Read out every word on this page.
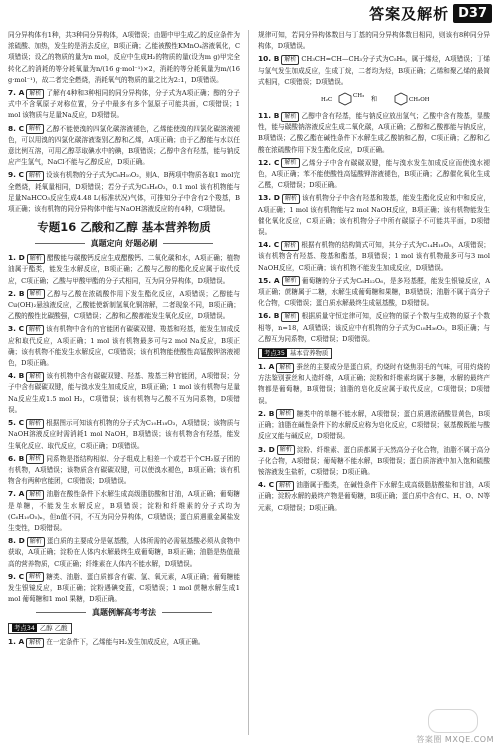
答案及解析 D37

同分异构体有1种，共3种同分异构体，A项错误；由题中甲生成乙的反应条件为浓硫酸、加热，发生的是消去反应，B项正确；乙能被酸性KMnO₄溶液氧化，C项错误；设乙的物质的量为n mol，反应中生成H₂的物质的量(设为m g)甲完全转化乙的消耗的等分耗氧量为n/(16 g·mol⁻¹)×2，消耗的等分耗氧量为m/(16 g·mol⁻¹)，故二者完全燃烧，消耗氧气的物质的量之比为2:1，D项错误。

7. A 解析 了解有4种和3种相同的同分异构体，分子式为A项正确；醇的分子式中不含氧原子对称位置，分子中最多有多个氢原子可能共面，C项错误；1 mol 该物质与足量Na反应，D项错误。

8. C 解析 乙醇不能使溴的四氯化碳溶液褪色，乙烯能使溴的四氯化碳溶液褪色，可以用溴的四氯化碳溶液鉴别乙醇和乙烯，A项正确；由于乙醇能与水以任意比例互溶，可用乙醇萃取碘水中的碘，B项错误；乙醇中含有羟基，能与钠反应产生氢气，NaCl不能与乙醇反应，D项正确。

9. C 解析 设该有机物的分子式为C₈H₁₀O₂，则A、B两项中物质各取1 mol完全燃烧，耗氧量相同，D项错误；若分子式为C₃H₆O₂，0.1 mol 该有机物能与足量NaHCO₃反应生成4.48 L(标准状况)气体，可推知分子中含有2个羧基，B项正确；该有机物的同分异构体中能与NaOH溶液反应的有4种，C项错误。

专题16 乙酸和乙醇 基本营养物质
真题定向 好题必刷

1. D 解析 醋酸能与碳酸钙反应生成醋酸钙、二氧化碳和水，A项正确；植物油属于酯类，能发生水解反应，B项正确；乙酸与乙醇的酯化反应属于取代反应，C项正确；乙酸与甲酸甲酯的分子式相同，互为同分异构体，D项错误。

2. B 解析 乙醇与乙酸在浓硫酸作用下发生酯化反应，A项错误；乙醇能与Cu(OH)₂悬浊液反应，乙酸能使新制氢氧化铜溶解，二者现象不同，B项正确；乙酸的酸性比碳酸强，C项错误；乙醇和乙酸都能发生氧化反应，D项错误。

3. C 解析 该有机物中含有的官能团有碳碳双键、羧基和羟基，能发生加成反应和取代反应，A项正确；1 mol 该有机物最多可与2 mol Na反应，B项正确；该有机物不能发生水解反应，C项错误；该有机物能使酸性高锰酸钾溶液褪色，D项正确。

4. B 解析 该有机物中含有碳碳双键、羟基、羧基三种官能团，A项错误；分子中含有碳碳双键，能与溴水发生加成反应，B项正确；1 mol 该有机物与足量Na反应生成1.5 mol H₂，C项错误；该有机物与乙酸不互为同系物，D项错误。

5. C 解析 根据图示可知该有机物的分子式为C₁₀H₁₈O₃，A项错误；该物质与NaOH溶液反应时需消耗1 mol NaOH，B项错误；该有机物含有羟基，能发生氧化反应、取代反应，C项正确；D项错误。

6. B 解析 同系物是指结构相似、分子组成上相差一个或若干个CH₂原子团的有机物，A项错误；该物质含有碳碳双键，可以使溴水褪色，B项正确；该有机物含有两种官能团，C项错误；D项错误。

7. A 解析 油脂在酸性条件下水解生成高级脂肪酸和甘油，A项正确；葡萄糖是单糖，不能发生水解反应，B项错误；淀粉和纤维素的分子式均为(C₆H₁₀O₅)ₙ，但n值不同，不互为同分异构体，C项错误；蛋白质遇重金属盐发生变性，D项错误。

8. D 解析 蛋白质的主要成分是氨基酸，人体所需的必需氨基酸必须从食物中获取，A项正确；淀粉在人体内水解最终生成葡萄糖，B项正确；油脂是热值最高的营养物质，C项正确；纤维素在人体内不能水解，D项错误。

9. C 解析 糖类、油脂、蛋白质都含有碳、氢、氧元素，A项正确；葡萄糖能发生银镜反应，B项正确；淀粉遇碘变蓝，C项错误；1 mol 蔗糖水解生成1 mol 葡萄糖和1 mol 果糖，D项正确。

真题例解高考考法
考点34 乙醇 乙酸

1. A 解析 在一定条件下，乙烯能与H₂发生加成反应，A项正确。

规律可知，若同分异构体数目与丁基的同分异构体数目相同，则该有8种同分异构体，D项错误。

10. B 解析 CH₃CH=CH—CH₃分子式为C₅H₈，属于烯烃，A项错误；丁烯与氢气发生加成反应，生成丁烷，二者均为烃，B项正确；乙烯和聚乙烯的最简式相同，C项错误；D项错误。

H₂C
CH₃ 和	CH₂OH

11. B 解析 乙醇中含有羟基，能与钠反应放出氢气；乙酸中含有羧基，显酸性，能与碳酸钠溶液反应生成二氧化碳，A项正确；乙醇和乙酸都能与钠反应，B项错误；乙酸乙酯在碱性条件下水解生成乙酸钠和乙醇，C项正确；乙醇和乙酸在浓硫酸作用下发生酯化反应，D项正确。

12. C 解析 乙烯分子中含有碳碳双键，能与溴水发生加成反应而使溴水褪色，A项正确；苯不能使酸性高锰酸钾溶液褪色，B项正确；乙醇催化氧化生成乙醛，C项错误；D项正确。

13. D 解析 该有机物分子中含有羟基和羧基，能发生酯化反应和中和反应，A项正确；1 mol 该有机物能与2 mol NaOH反应，B项正确；该有机物能发生催化氧化反应，C项正确；该有机物分子中所有碳原子不可能共平面，D项错误。

14. C 解析 根据有机物的结构简式可知，其分子式为C₁₄H₁₈O₅，A项错误；该有机物含有羟基、羧基和酯基，B项错误；1 mol 该有机物最多可与3 mol NaOH反应，C项正确；该有机物不能发生加成反应，D项错误。

15. A 解析 葡萄糖的分子式为C₆H₁₂O₆，是多羟基醛，能发生银镜反应，A项正确；蔗糖属于二糖，水解生成葡萄糖和果糖，B项错误；油脂不属于高分子化合物，C项错误；蛋白质水解最终生成氨基酸，D项错误。

16. B 解析 根据质量守恒定律可知，反应物的原子个数与生成物的原子个数相等，n=18，A项错误；该反应中有机物的分子式为C₁₈H₃₆O₂，B项正确；与乙醇互为同系物，C项错误；D项错误。

考点35 基本营养物质

1. A 解析 蚕丝的主要成分是蛋白质，灼烧时有烧焦羽毛的气味，可用灼烧的方法鉴别蚕丝和人造纤维，A项正确；淀粉和纤维素均属于多糖，水解的最终产物都是葡萄糖，B项错误；油脂的皂化反应属于取代反应，C项错误；D项错误。

2. B 解析 糖类中的单糖不能水解，A项错误；蛋白质遇浓硝酸显黄色，B项正确；油脂在碱性条件下的水解反应称为皂化反应，C项错误；氨基酸既能与酸反应又能与碱反应，D项错误。

3. D 解析 淀粉、纤维素、蛋白质都属于天然高分子化合物，油脂不属于高分子化合物，A项错误；葡萄糖不能水解，B项错误；蛋白质溶液中加入饱和硫酸铵溶液发生盐析，C项错误；D项正确。

4. C 解析 油脂属于酯类，在碱性条件下水解生成高级脂肪酸盐和甘油，A项正确；淀粉水解的最终产物是葡萄糖，B项正确；蛋白质中含有C、H、O、N等元素，C项错误；D项正确。

答案圈 MXQE.COM
